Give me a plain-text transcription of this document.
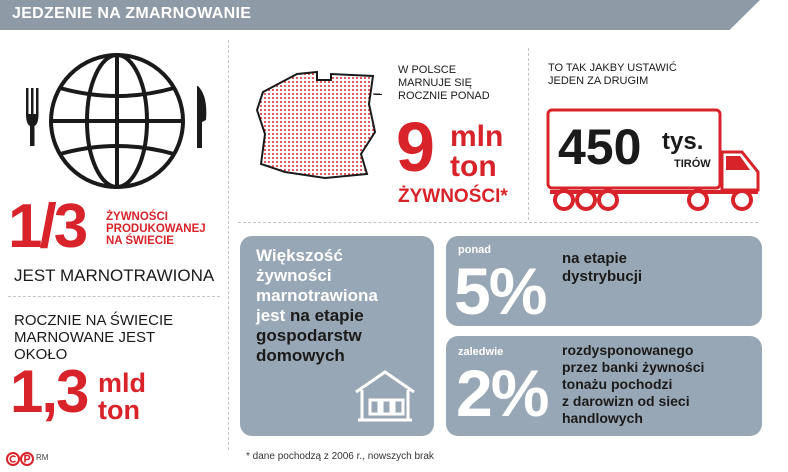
JEDZENIE NA ZMARNOWANIE
1/3 ŻYWNOŚCI
PRODUKOWANEJ
NA ŚWIECIE
JEST MARNOTRAWIONA
ROCZNIE NA ŚWIECIE
MARNOWANE JEST
OKOŁO
1,3 mld
ton
W POLSCE
MARNUJE SIĘ
ROCZNIE PONAD
9 mln
ton
ŻYWNOŚCI*
TO TAK JAKBY USTAWIĆ
JEDEN ZA DRUGIM
450 tys.
TIRÓW
Większość
żywności
marnotrawiona
jest na etapie
gospodarstw
domowych
ponad
5% na etapie
dystrybucji
zaledwie
2%
rozdysponowanego
przez banki żywności
tonażu pochodzi
z darowizn od sieci
handlowych
RM	* dane pochodzą z 2006 r., nowszych brak
